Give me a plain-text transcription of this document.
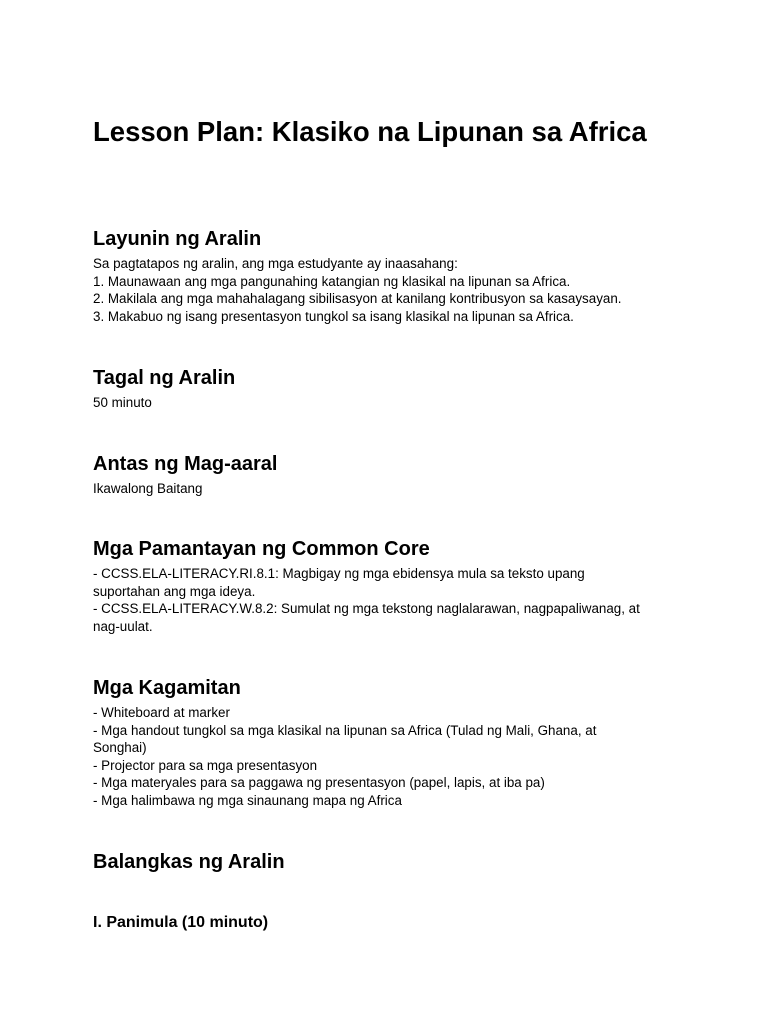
Lesson Plan: Klasiko na Lipunan sa Africa
Layunin ng Aralin
Sa pagtatapos ng aralin, ang mga estudyante ay inaasahang:
1. Maunawaan ang mga pangunahing katangian ng klasikal na lipunan sa Africa.
2. Makilala ang mga mahahalagang sibilisasyon at kanilang kontribusyon sa kasaysayan.
3. Makabuo ng isang presentasyon tungkol sa isang klasikal na lipunan sa Africa.
Tagal ng Aralin
50 minuto
Antas ng Mag-aaral
Ikawalong Baitang
Mga Pamantayan ng Common Core
- CCSS.ELA-LITERACY.RI.8.1: Magbigay ng mga ebidensya mula sa teksto upang
suportahan ang mga ideya.
- CCSS.ELA-LITERACY.W.8.2: Sumulat ng mga tekstong naglalarawan, nagpapaliwanag, at
nag-uulat.
Mga Kagamitan
- Whiteboard at marker
- Mga handout tungkol sa mga klasikal na lipunan sa Africa (Tulad ng Mali, Ghana, at
Songhai)
- Projector para sa mga presentasyon
- Mga materyales para sa paggawa ng presentasyon (papel, lapis, at iba pa)
- Mga halimbawa ng mga sinaunang mapa ng Africa
Balangkas ng Aralin
I. Panimula (10 minuto)
